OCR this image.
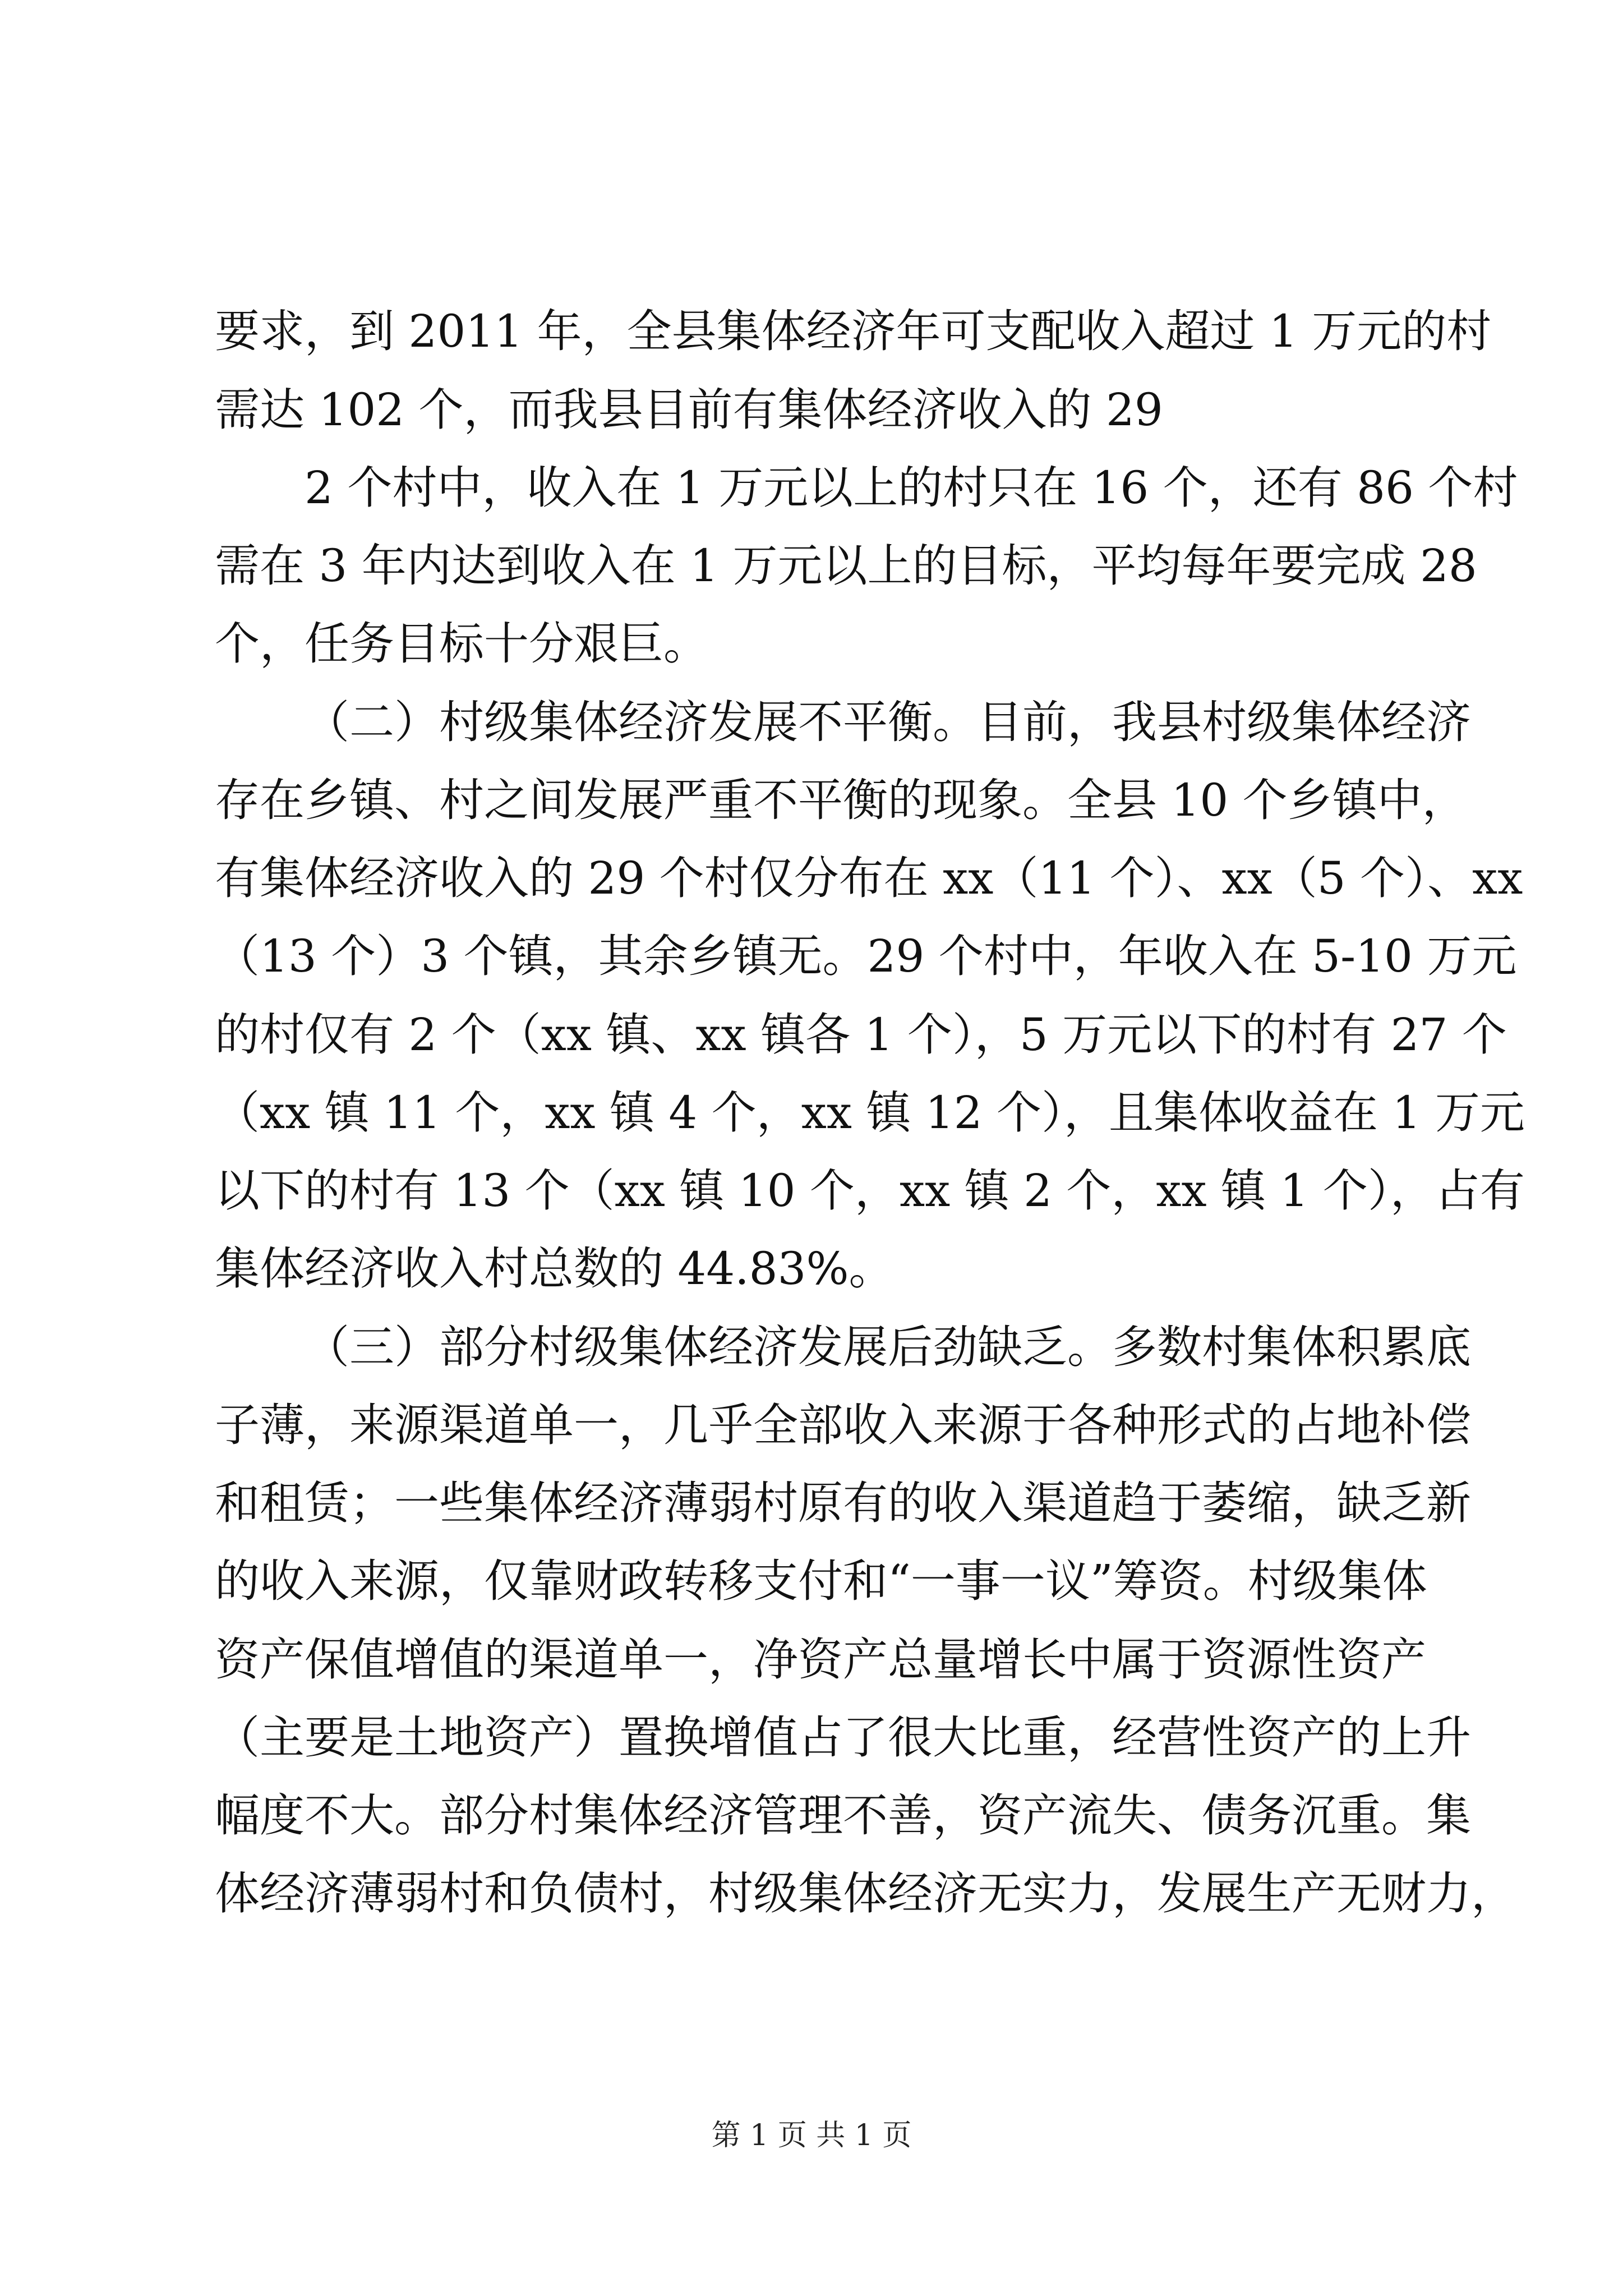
要求，到 2011 年，全县集体经济年可支配收入超过 1 万元的村
需达 102 个，而我县目前有集体经济收入的 29
2 个村中，收入在 1 万元以上的村只在 16 个，还有 86 个村
需在 3 年内达到收入在 1 万元以上的目标，平均每年要完成 28
个，任务目标十分艰巨。
（二）村级集体经济发展不平衡。目前，我县村级集体经济
存在乡镇、村之间发展严重不平衡的现象。全县 10 个乡镇中，
有集体经济收入的 29 个村仅分布在 xx（11 个）、xx（5 个）、xx
（13 个）3 个镇，其余乡镇无。29 个村中，年收入在 5-10 万元
的村仅有 2 个（xx 镇、xx 镇各 1 个），5 万元以下的村有 27 个
（xx 镇 11 个，xx 镇 4 个，xx 镇 12 个），且集体收益在 1 万元
以下的村有 13 个（xx 镇 10 个，xx 镇 2 个，xx 镇 1 个），占有
集体经济收入村总数的 44.83%。
（三）部分村级集体经济发展后劲缺乏。多数村集体积累底
子薄，来源渠道单一，几乎全部收入来源于各种形式的占地补偿
和租赁；一些集体经济薄弱村原有的收入渠道趋于萎缩，缺乏新
的收入来源，仅靠财政转移支付和“一事一议”筹资。村级集体
资产保值增值的渠道单一，净资产总量增长中属于资源性资产
（主要是土地资产）置换增值占了很大比重，经营性资产的上升
幅度不大。部分村集体经济管理不善，资产流失、债务沉重。集
体经济薄弱村和负债村，村级集体经济无实力，发展生产无财力，
第 1 页 共 1 页
